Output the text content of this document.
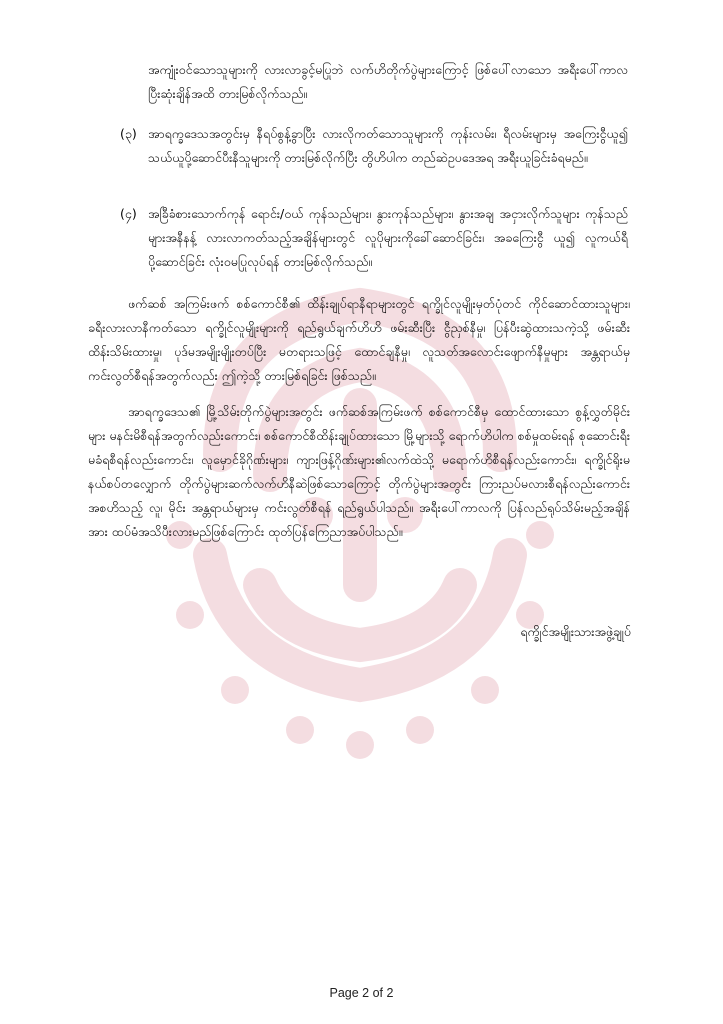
အကျုံးဝင်သောသူများကို လားလာခွင့်မပြုဘဲ လက်ဟိတိုက်ပွဲများကြောင့် ဖြစ်ပေါ်လာသော အရီးပေါ်ကာလပြီးဆုံးချိန်အထိ တားမြစ်လိုက်သည်။
(၃) အာရက္ခဒေသအတွင်းမှ နီရပ်စွန့်ခွာပြီး လားလိုကတ်သောသူများကို ကုန်းလမ်း၊ ရီလမ်းများမှ အကြေးငွီယူ၍ သယ်ယူပို့ဆောင်ပီးနီသူများကို တားမြစ်လိုက်ပြီး တွိဟိပါက တည်ဆဲဥပဒေအရ အရီးယူခြင်းခံရမည်။
(၄) အခြီခံစားသောက်ကုန် ရောင်း/ဝယ် ကုန်သည်များ၊ နွားကုန်သည်များ၊ နွားအချ အငှားလိုက်သူများ ကုန်သည်များအနီနန့် လားလာကတ်သည့်အချိန်များတွင် လူပိုများကိုခေါ်ဆောင်ခြင်း၊ အခကြေးငွီ ယူ၍ လူကယ်ရီပို့ဆောင်ခြင်း လုံးဝမပြုလုပ်ရန် တားမြစ်လိုက်သည်။
ဖက်ဆစ် အကြမ်းဖက် စစ်ကောင်စီ၏ ထိန်းချုပ်ရာနီရာများတွင် ရက္ခိုင်လူမျိုးမှတ်ပုံတင် ကိုင်ဆောင်ထားသူများ၊ ခရီးလားလာနီကတ်သော ရက္ခိုင်လူမျိုးများကို ရည်ရွယ်ချက်ဟိဟိ ဖမ်းဆီးပြီး ငွီညှစ်နီမှု၊ ပြန်ပီးဆွဲထားသကဲ့သို့ ဖမ်းဆီးထိန်းသိမ်းထားမှု၊ ပုဒ်မအမျိုးမျိုးတပ်ပြီး မတရားသဖြင့် ထောင်ချနီမှု၊ လူသတ်အလောင်းဖျောက်နီမှုများ အန္တရာယ်မှ ကင်းလွတ်စီရန်အတွက်လည်း ဤကဲ့သို့ တားမြစ်ရခြင်း ဖြစ်သည်။
အာရက္ခဒေသ၏ မြို့သိမ်းတိုက်ပွဲများအတွင်း ဖက်ဆစ်အကြမ်းဖက် စစ်ကောင်စီမှ ထောင်ထားသော စွန့်လွှတ်မိုင်းများ မနင်းမိစီရန်အတွက်လည်းကောင်း၊ စစ်ကောင်စီထိန်းချုပ်ထားသော မြို့များသို့ ရောက်ဟိပါက စစ်မှုထမ်းရန် စုဆောင်းရီးမခံရစီရန်လည်းကောင်း၊ လူမှောင်ခိုဂိုဏ်းများ၊ ကျားဖြန့်ဂိုဏ်းများ၏လက်ထဲသို့ မရောက်ဟိစီရန်လည်းကောင်း၊ ရက္ခိုင်ရိုးမနယ်စပ်တလျှောက် တိုက်ပွဲများဆက်လက်ဟိနီဆဲဖြစ်သောကြောင့် တိုက်ပွဲများအတွင်း ကြားညပ်မလားစီရန်လည်းကောင်း အစဟိသည့် လူ၊ မိုင်း အန္တရာယ်များမှ ကင်းလွတ်စီရန် ရည်ရွယ်ပါသည်။ အရီးပေါ်ကာလကို ပြန်လည်ရုပ်သိမ်းမည့်အချိန်အား ထပ်မံအသိပီးလားမည်ဖြစ်ကြောင်း ထုတ်ပြန်ကြေညာအပ်ပါသည်။
ရက္ခိုင်အမျိုးသားအဖွဲ့ချုပ်
Page 2 of 2
